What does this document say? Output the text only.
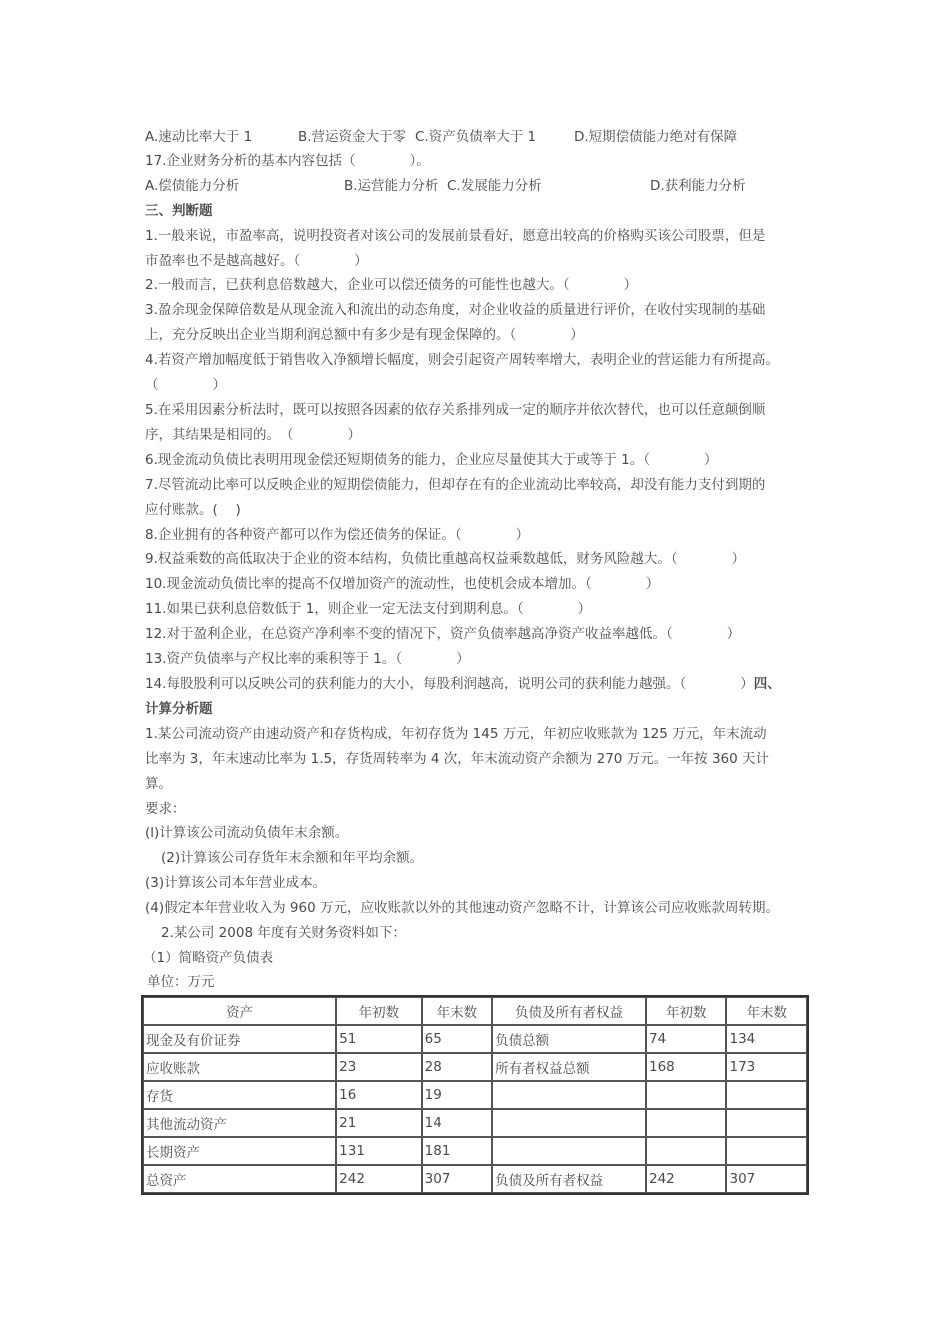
A.速动比率大于 1	B.营运资金大于零 C.资产负债率大于 1	D.短期偿债能力绝对有保障
17.企业财务分析的基本内容包括（　　　　）。
A.偿债能力分析	B.运营能力分析 C.发展能力分析	D.获利能力分析
三、判断题
1.一般来说，市盈率高，说明投资者对该公司的发展前景看好，愿意出较高的价格购买该公司股票，但是
市盈率也不是越高越好。（　　　　）
2.一般而言，已获利息倍数越大，企业可以偿还债务的可能性也越大。（　　　　）
3.盈余现金保障倍数是从现金流入和流出的动态角度，对企业收益的质量进行评价，在收付实现制的基础
上，充分反映出企业当期利润总额中有多少是有现金保障的。（　　　　）
4.若资产增加幅度低于销售收入净额增长幅度，则会引起资产周转率增大，表明企业的营运能力有所提高。
（　　　　）
5.在采用因素分析法时，既可以按照各因素的依存关系排列成一定的顺序并依次替代，也可以任意颠倒顺
序，其结果是相同的。　（　　　　）
6.现金流动负债比表明用现金偿还短期债务的能力，企业应尽量使其大于或等于 1。（　　　　）
7.尽管流动比率可以反映企业的短期偿债能力，但却存在有的企业流动比率较高，却没有能力支付到期的
应付账款。(　 )
8.企业拥有的各种资产都可以作为偿还债务的保证。（　　　　）
9.权益乘数的高低取决于企业的资本结构，负债比重越高权益乘数越低，财务风险越大。（　　　　）
10.现金流动负债比率的提高不仅增加资产的流动性，也使机会成本增加。（　　　　）
11.如果已获利息倍数低于 1，则企业一定无法支付到期利息。（　　　　）
12.对于盈利企业，在总资产净利率不变的情况下，资产负债率越高净资产收益率越低。（　　　　）
13.资产负债率与产权比率的乘积等于 1。（　　　　）
14.每股股利可以反映公司的获利能力的大小，每股利润越高，说明公司的获利能力越强。（　　　　）四、
计算分析题
1.某公司流动资产由速动资产和存货构成，年初存货为 145 万元，年初应收账款为 125 万元，年末流动
比率为 3，年末速动比率为 1.5，存货周转率为 4 次，年末流动资产余额为 270 万元。一年按 360 天计
算。
要求：
(l)计算该公司流动负债年末余额。
(2)计算该公司存货年末余额和年平均余额。
(3)计算该公司本年营业成本。
(4)假定本年营业收入为 960 万元，应收账款以外的其他速动资产忽略不计，计算该公司应收账款周转期。
2.某公司 2008 年度有关财务资料如下：
（1）简略资产负债表
单位：万元
资产	年初数	年末数	负债及所有者权益	年初数	年末数
现金及有价证券	51	65	负债总额	74	134
应收账款	23	28	所有者权益总额	168	173
存货	16	19			
其他流动资产	21	14			
长期资产	131	181			
总资产	242	307	负债及所有者权益	242	307
